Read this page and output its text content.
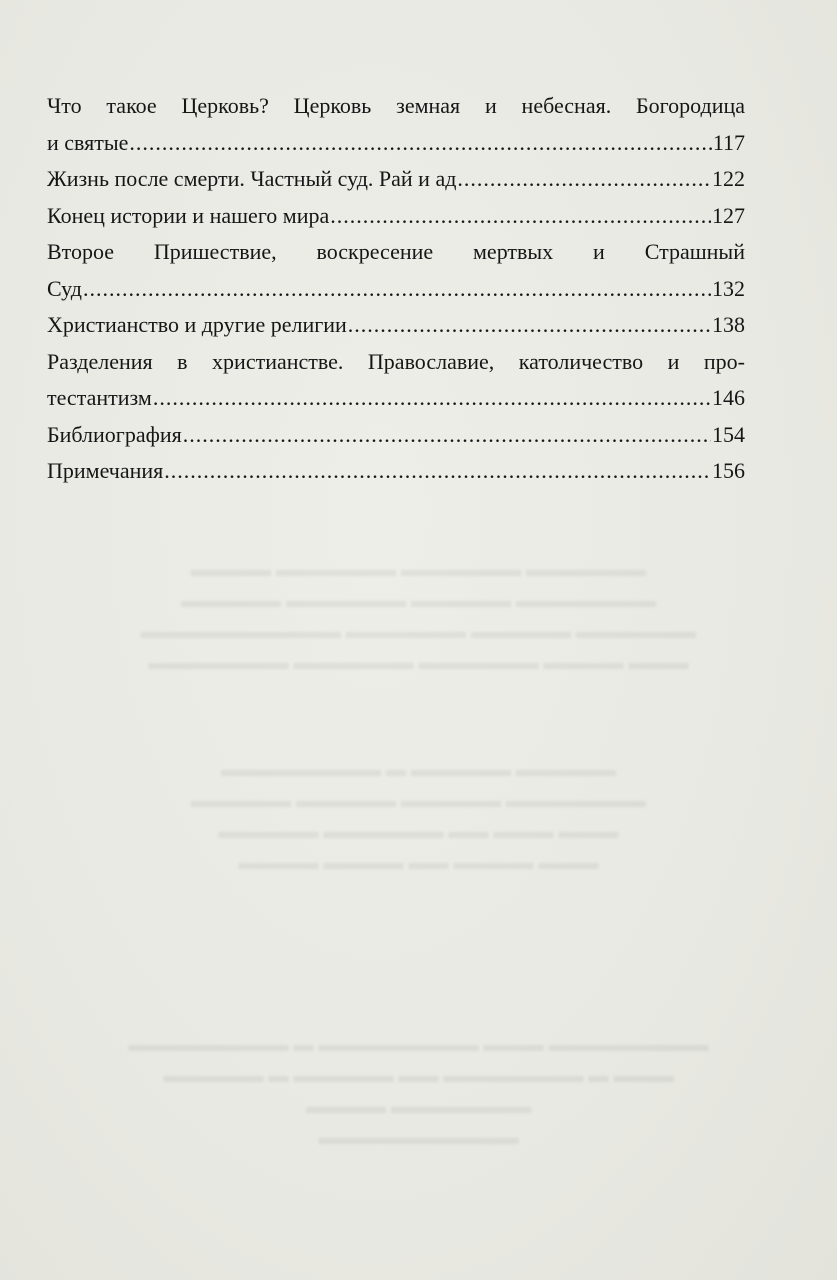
▬▬▬▬ ▬▬▬▬▬▬ ▬▬▬▬▬▬ ▬▬▬▬▬▬
▬▬▬▬▬ ▬▬▬▬▬▬ ▬▬▬▬▬ ▬▬▬▬▬▬▬
▬▬▬▬▬▬▬▬▬▬ ▬▬▬▬▬▬ ▬▬▬▬▬ ▬▬▬▬▬▬
▬▬▬▬▬▬▬ ▬▬▬▬▬▬ ▬▬▬▬▬▬ ▬▬▬▬ ▬▬▬
▬▬▬▬▬▬▬▬ ▬ ▬▬▬▬▬ ▬▬▬▬▬
▬▬▬▬▬ ▬▬▬▬▬ ▬▬▬▬▬ ▬▬▬▬▬▬▬
▬▬▬▬▬ ▬▬▬▬▬▬ ▬▬ ▬▬▬ ▬▬▬
▬▬▬▬ ▬▬▬▬ ▬▬ ▬▬▬▬ ▬▬▬
▬▬▬▬▬▬▬▬ ▬ ▬▬▬▬▬▬▬▬ ▬▬▬ ▬▬▬▬▬▬▬▬
▬▬▬▬▬ ▬ ▬▬▬▬▬ ▬▬ ▬▬▬▬▬▬▬ ▬ ▬▬▬
▬▬▬▬ ▬▬▬▬▬▬▬
▬▬▬▬▬▬▬▬▬▬
Что такое Церковь? Церковь земная и небесная. Богородица
и святые .....	117
Жизнь после смерти. Частный суд. Рай и ад .....	122
Конец истории и нашего мира .....	127
Второе Пришествие, воскресение мертвых и Страшный
Суд .....	132
Христианство и другие религии .....	138
Разделения в христианстве. Православие, католичество и про-
тестантизм .....	146
Библиография .....	154
Примечания .....	156
